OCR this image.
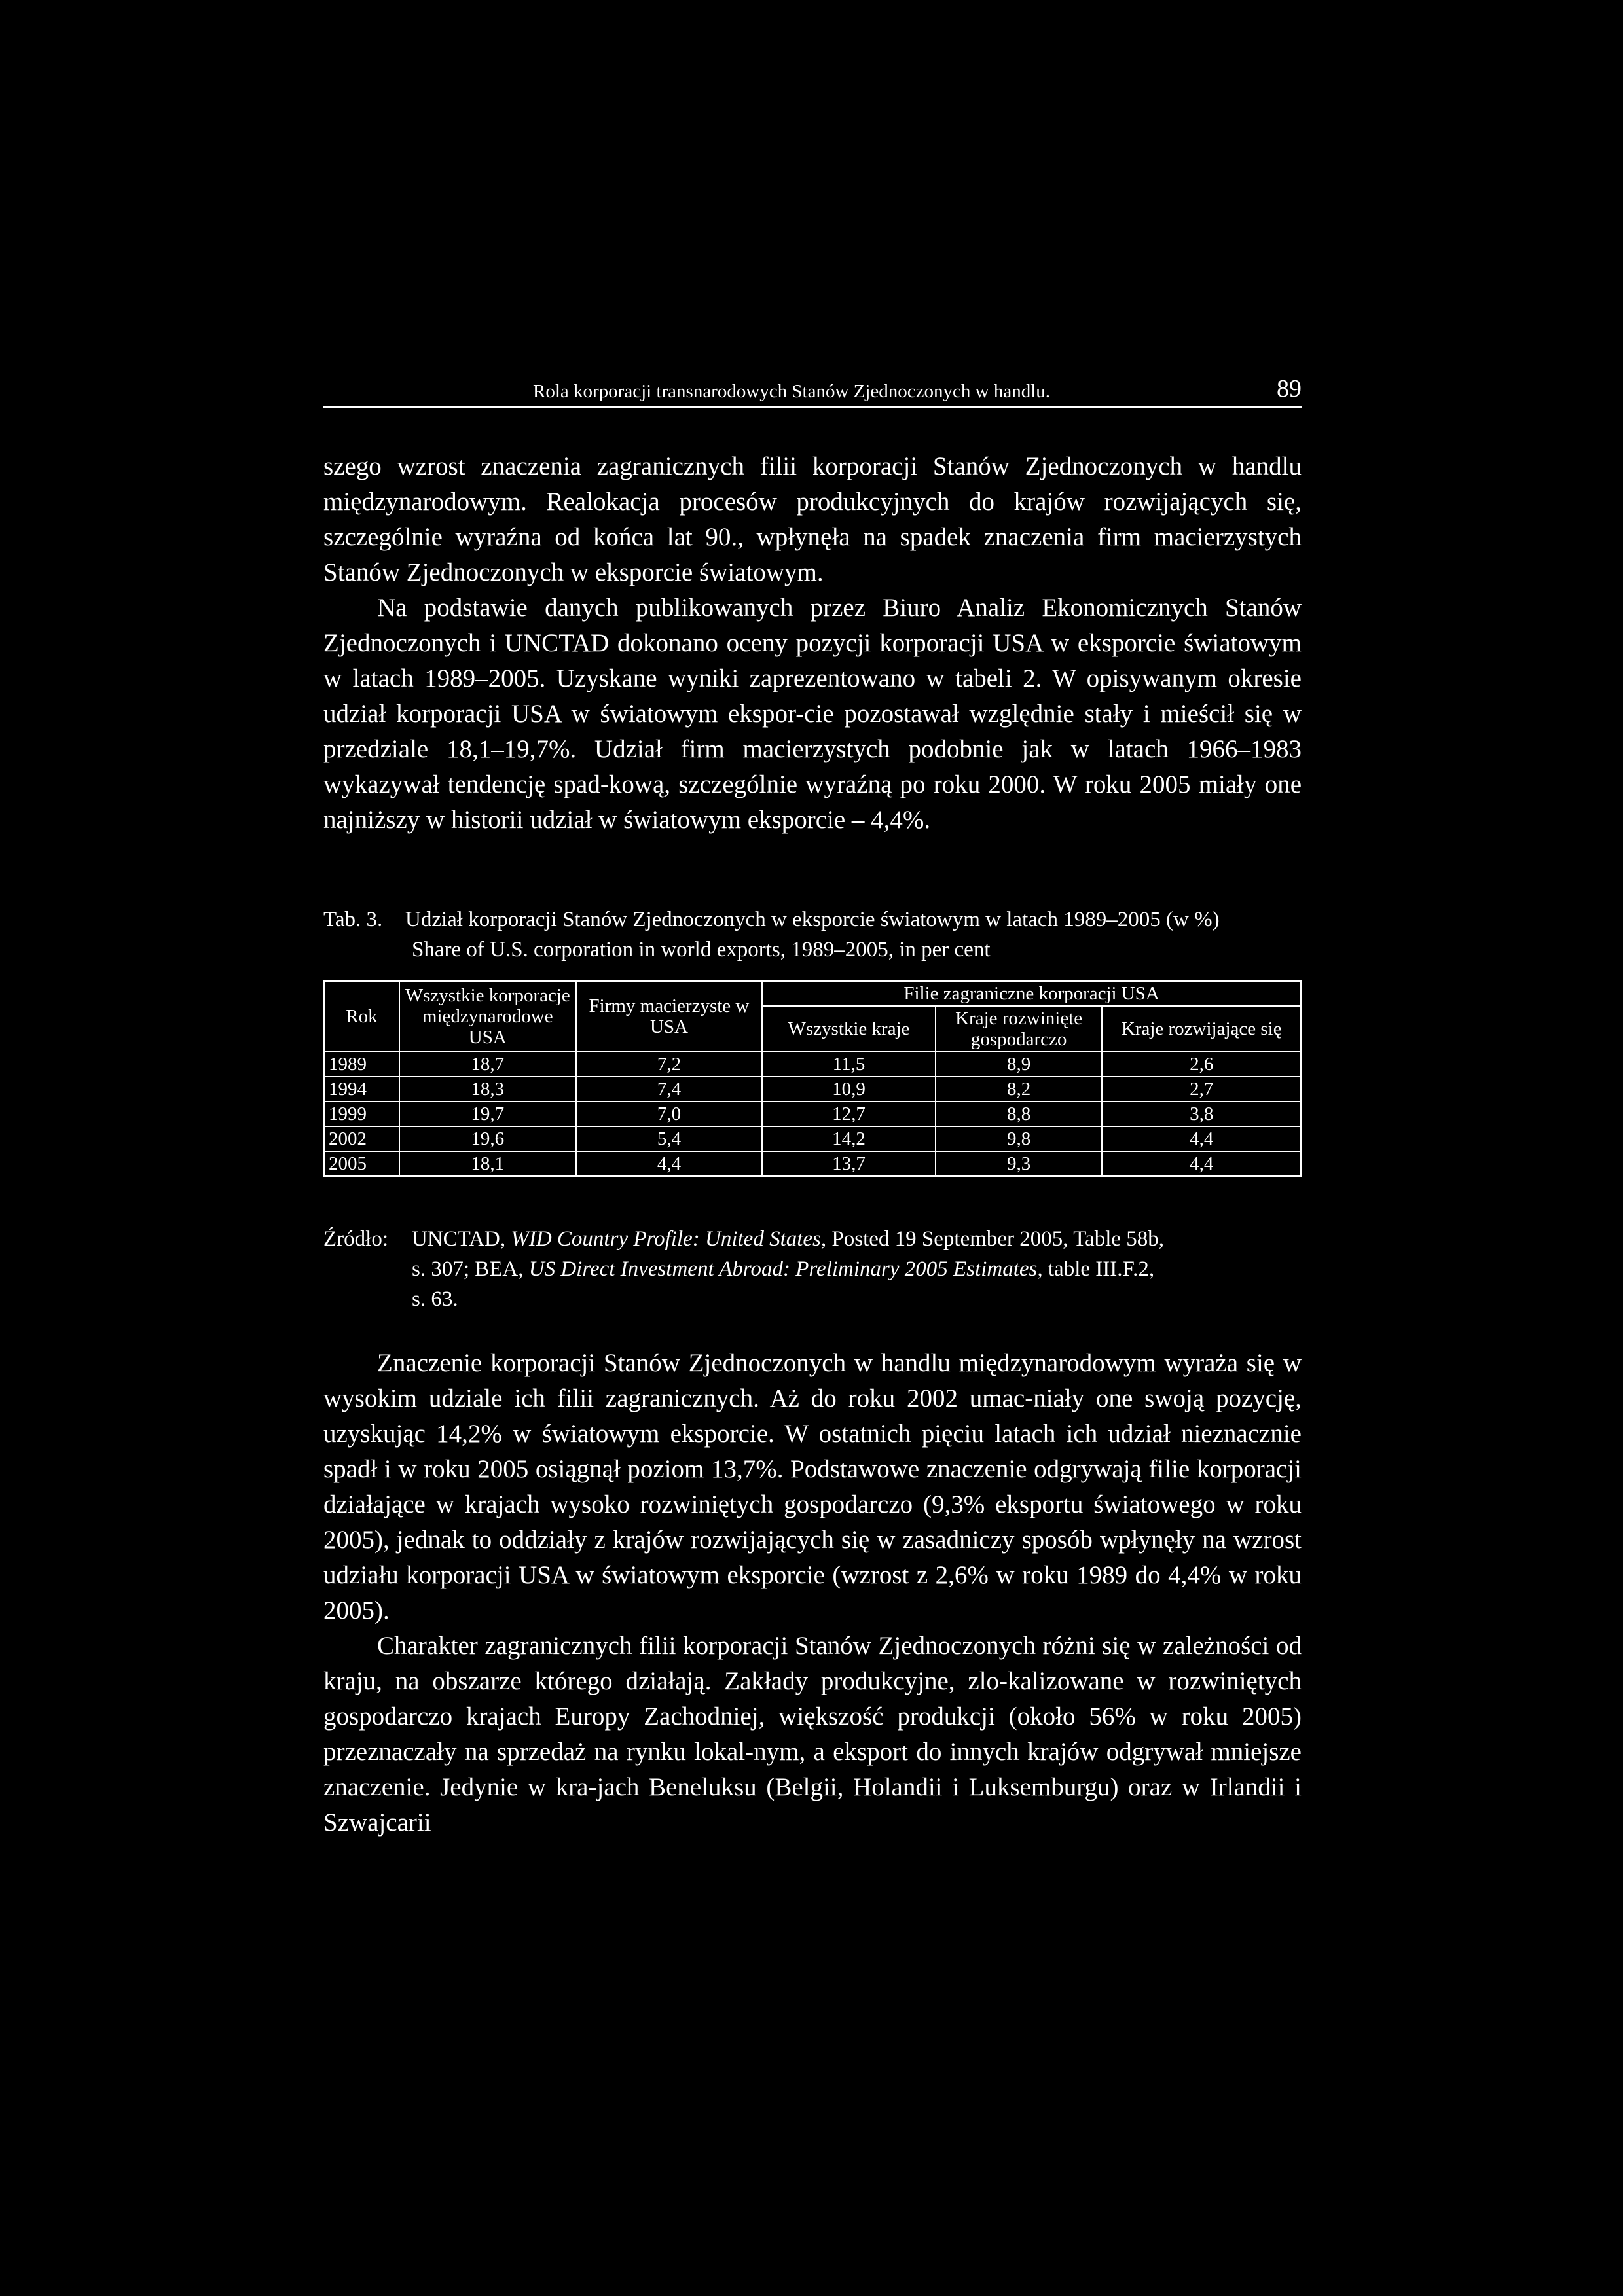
Rola korporacji transnarodowych Stanów Zjednoczonych w handlu.	89

szego wzrost znaczenia zagranicznych filii korporacji Stanów Zjednoczonych w handlu międzynarodowym. Realokacja procesów produkcyjnych do krajów rozwijających się, szczególnie wyraźna od końca lat 90., wpłynęła na spadek znaczenia firm macierzystych Stanów Zjednoczonych w eksporcie światowym.

Na podstawie danych publikowanych przez Biuro Analiz Ekonomicznych Stanów Zjednoczonych i UNCTAD dokonano oceny pozycji korporacji USA w eksporcie światowym w latach 1989–2005. Uzyskane wyniki zaprezentowano w tabeli 2. W opisywanym okresie udział korporacji USA w światowym ekspor-cie pozostawał względnie stały i mieścił się w przedziale 18,1–19,7%. Udział firm macierzystych podobnie jak w latach 1966–1983 wykazywał tendencję spad-kową, szczególnie wyraźną po roku 2000. W roku 2005 miały one najniższy w historii udział w światowym eksporcie – 4,4%.

Tab. 3. Udział korporacji Stanów Zjednoczonych w eksporcie światowym w latach 1989–2005 (w %)
Share of U.S. corporation in world exports, 1989–2005, in per cent
Rok	Wszystkie korporacje międzynarodowe USA	Firmy macierzyste w USA	Filie zagraniczne korporacji USA		
			Wszystkie kraje	Kraje rozwinięte gospodarczo	Kraje rozwijające się
1989	18,7	7,2	11,5	8,9	2,6
1994	18,3	7,4	10,9	8,2	2,7
1999	19,7	7,0	12,7	8,8	3,8
2002	19,6	5,4	14,2	9,8	4,4
2005	18,1	4,4	13,7	9,3	4,4
Źródło: UNCTAD, WID Country Profile: United States, Posted 19 September 2005, Table 58b,
s. 307; BEA, US Direct Investment Abroad: Preliminary 2005 Estimates, table III.F.2,
s. 63.

Znaczenie korporacji Stanów Zjednoczonych w handlu międzynarodowym wyraża się w wysokim udziale ich filii zagranicznych. Aż do roku 2002 umac-niały one swoją pozycję, uzyskując 14,2% w światowym eksporcie. W ostatnich pięciu latach ich udział nieznacznie spadł i w roku 2005 osiągnął poziom 13,7%. Podstawowe znaczenie odgrywają filie korporacji działające w krajach wysoko rozwiniętych gospodarczo (9,3% eksportu światowego w roku 2005), jednak to oddziały z krajów rozwijających się w zasadniczy sposób wpłynęły na wzrost udziału korporacji USA w światowym eksporcie (wzrost z 2,6% w roku 1989 do 4,4% w roku 2005).

Charakter zagranicznych filii korporacji Stanów Zjednoczonych różni się w zależności od kraju, na obszarze którego działają. Zakłady produkcyjne, zlo-kalizowane w rozwiniętych gospodarczo krajach Europy Zachodniej, większość produkcji (około 56% w roku 2005) przeznaczały na sprzedaż na rynku lokal-nym, a eksport do innych krajów odgrywał mniejsze znaczenie. Jedynie w kra-jach Beneluksu (Belgii, Holandii i Luksemburgu) oraz w Irlandii i Szwajcarii
